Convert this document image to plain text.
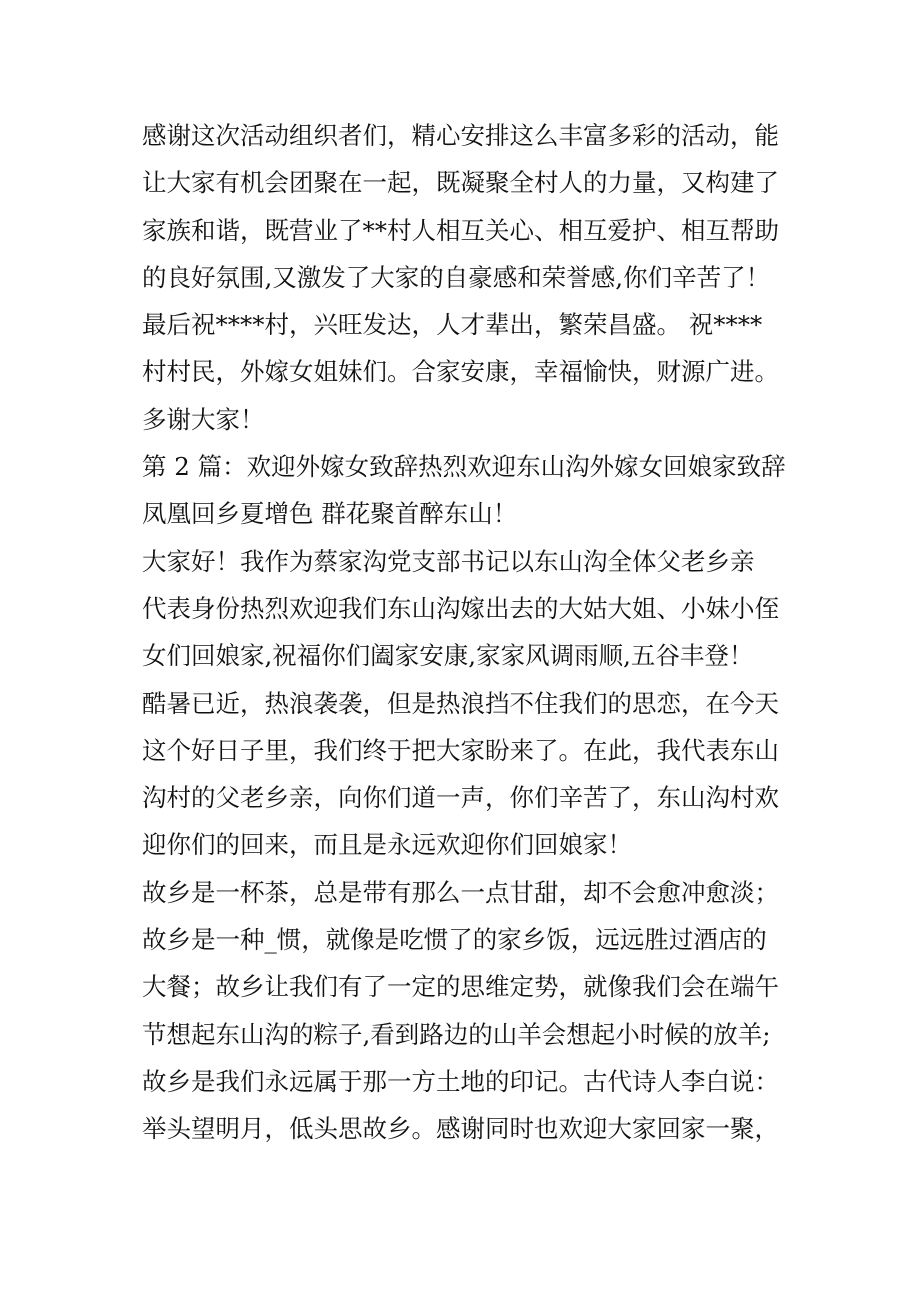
感谢这次活动组织者们，精心安排这么丰富多彩的活动，能
让大家有机会团聚在一起，既凝聚全村人的力量，又构建了
家族和谐，既营业了**村人相互关心、相互爱护、相互帮助
的良好氛围,又激发了大家的自豪感和荣誉感,你们辛苦了！
最后祝****村，兴旺发达，人才辈出，繁荣昌盛。 祝****
村村民，外嫁女姐妹们。合家安康，幸福愉快，财源广进。
多谢大家！
第 2 篇：欢迎外嫁女致辞热烈欢迎东山沟外嫁女回娘家致辞
凤凰回乡夏增色 群花聚首醉东山！
大家好！我作为蔡家沟党支部书记以东山沟全体父老乡亲
代表身份热烈欢迎我们东山沟嫁出去的大姑大姐、小妹小侄
女们回娘家,祝福你们阖家安康,家家风调雨顺,五谷丰登！
酷暑已近，热浪袭袭，但是热浪挡不住我们的思恋，在今天
这个好日子里，我们终于把大家盼来了。在此，我代表东山
沟村的父老乡亲，向你们道一声，你们辛苦了，东山沟村欢
迎你们的回来，而且是永远欢迎你们回娘家！
故乡是一杯茶，总是带有那么一点甘甜，却不会愈冲愈淡；
故乡是一种_惯，就像是吃惯了的家乡饭，远远胜过酒店的
大餐；故乡让我们有了一定的思维定势，就像我们会在端午
节想起东山沟的粽子,看到路边的山羊会想起小时候的放羊;
故乡是我们永远属于那一方土地的印记。古代诗人李白说：
举头望明月，低头思故乡。感谢同时也欢迎大家回家一聚，
